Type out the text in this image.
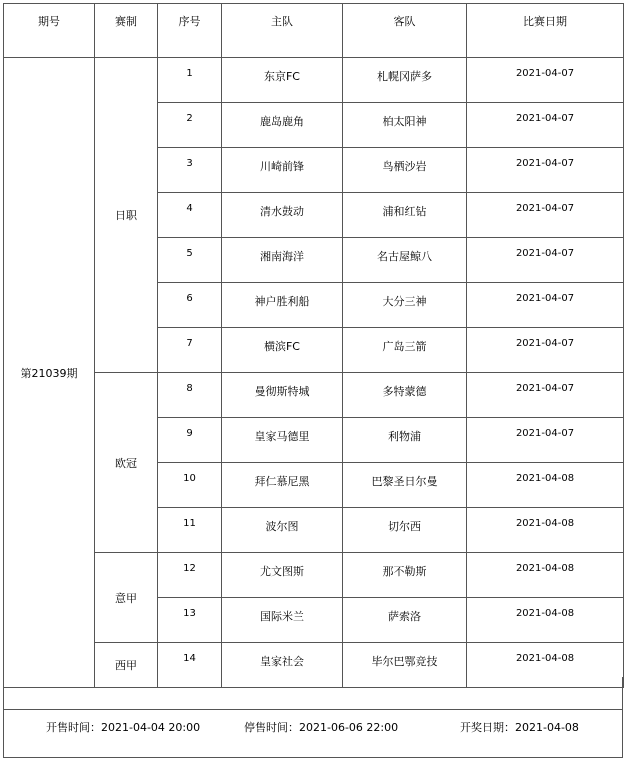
期号	赛制	序号	主队	客队	比赛日期
第21039期	日职	1	东京FC	札幌冈萨多	2021-04-07
		2	鹿岛鹿角	柏太阳神	2021-04-07
		3	川崎前锋	鸟栖沙岩	2021-04-07
		4	清水鼓动	浦和红钻	2021-04-07
		5	湘南海洋	名古屋鲸八	2021-04-07
		6	神户胜利船	大分三神	2021-04-07
		7	横滨FC	广岛三箭	2021-04-07
	欧冠	8	曼彻斯特城	多特蒙德	2021-04-07
		9	皇家马德里	利物浦	2021-04-07
		10	拜仁慕尼黑	巴黎圣日尔曼	2021-04-08
		11	波尔图	切尔西	2021-04-08
	意甲	12	尤文图斯	那不勒斯	2021-04-08
		13	国际米兰	萨索洛	2021-04-08
	西甲	14	皇家社会	毕尔巴鄂竞技	2021-04-08
开售时间：2021-04-04 20:00	停售时间：2021-06-06 22:00	开奖日期：2021-04-08
